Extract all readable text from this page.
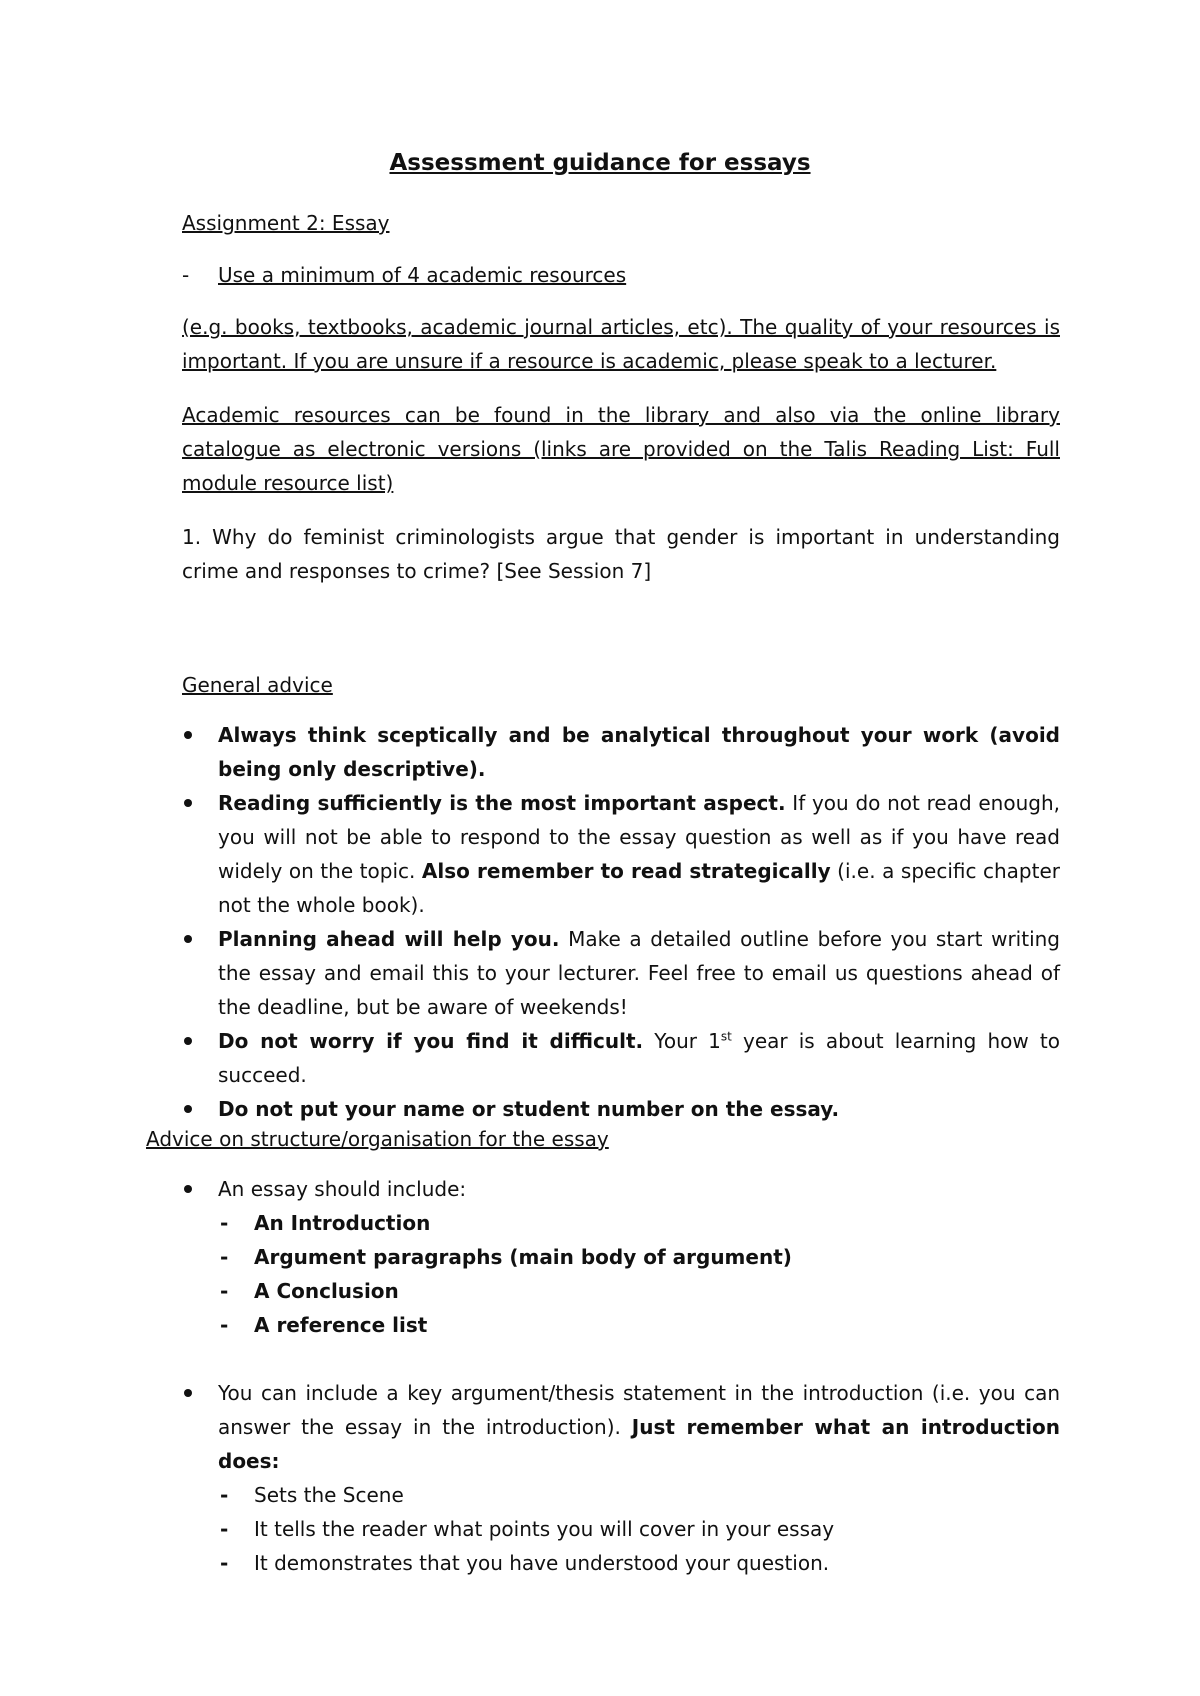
Assessment guidance for essays

Assignment 2: Essay

- Use a minimum of 4 academic resources

(e.g. books, textbooks, academic journal articles, etc). The quality of your resources is important. If you are unsure if a resource is academic, please speak to a lecturer.

Academic resources can be found in the library and also via the online library catalogue as electronic versions (links are provided on the Talis Reading List: Full module resource list)

1. Why do feminist criminologists argue that gender is important in understanding crime and responses to crime? [See Session 7]

General advice

Always think sceptically and be analytical throughout your work (avoid being only descriptive).
Reading sufficiently is the most important aspect. If you do not read enough, you will not be able to respond to the essay question as well as if you have read widely on the topic. Also remember to read strategically (i.e. a specific chapter not the whole book).
Planning ahead will help you. Make a detailed outline before you start writing the essay and email this to your lecturer. Feel free to email us questions ahead of the deadline, but be aware of weekends!
Do not worry if you find it difficult. Your 1st year is about learning how to succeed.
Do not put your name or student number on the essay.

Advice on structure/organisation for the essay

An essay should include:
- An Introduction
- Argument paragraphs (main body of argument)
- A Conclusion
- A reference list
You can include a key argument/thesis statement in the introduction (i.e. you can answer the essay in the introduction). Just remember what an introduction does:
- Sets the Scene
- It tells the reader what points you will cover in your essay
- It demonstrates that you have understood your question.
